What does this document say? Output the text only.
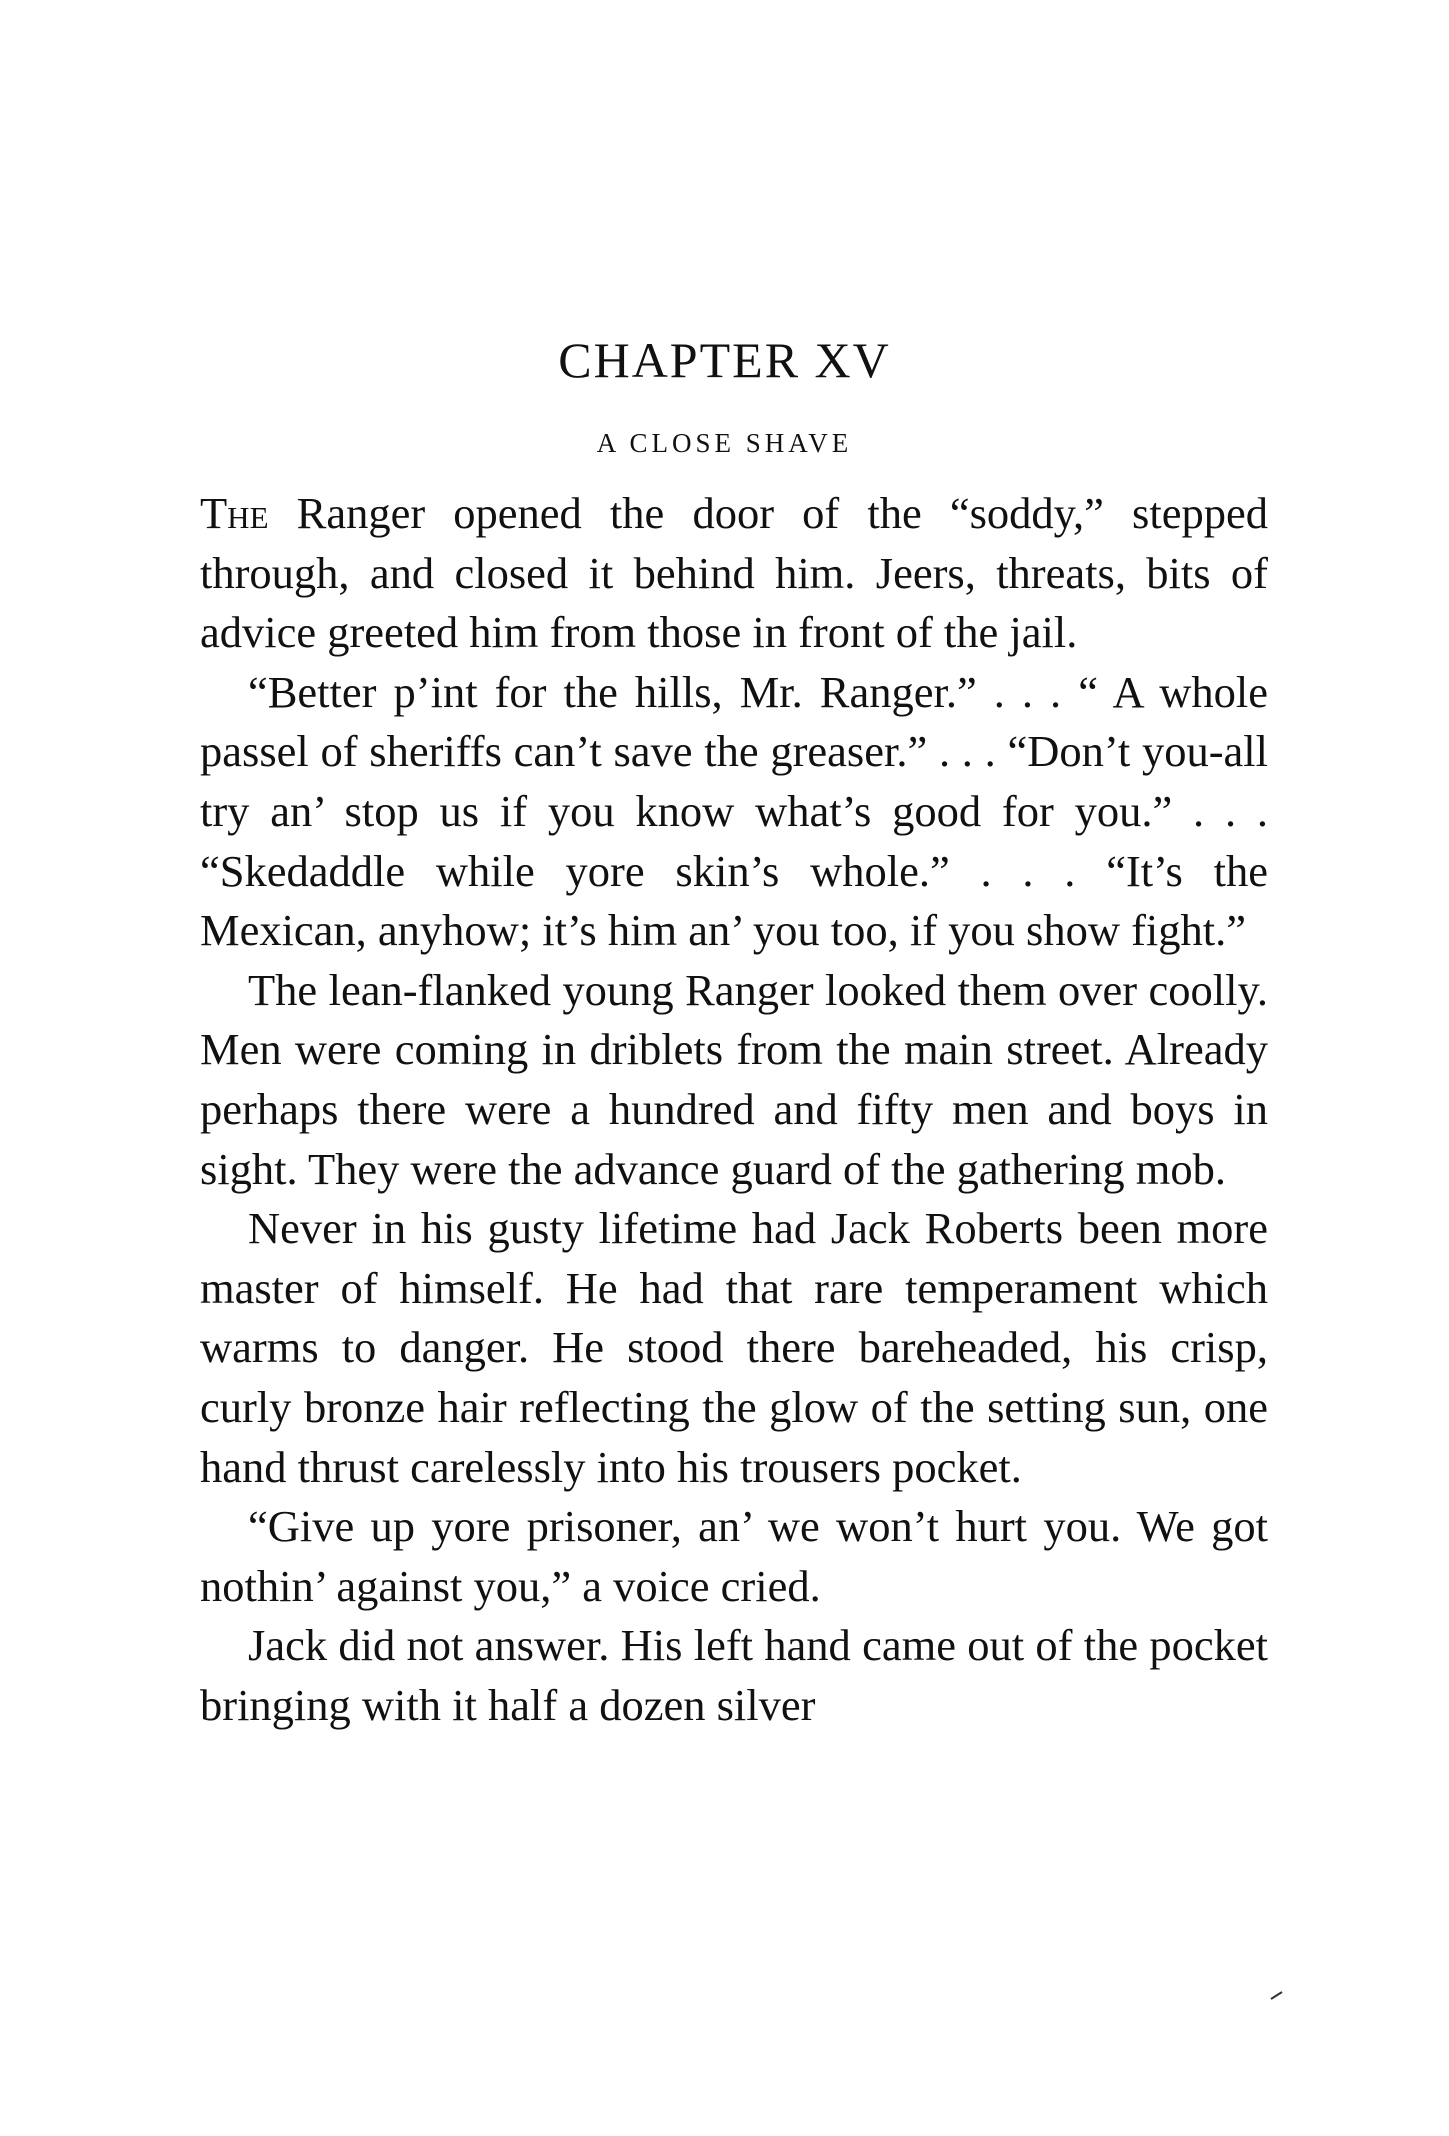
CHAPTER XV
A CLOSE SHAVE

The Ranger opened the door of the “soddy,” stepped through, and closed it behind him. Jeers, threats, bits of advice greeted him from those in front of the jail.

“Better p’int for the hills, Mr. Ranger.” . . . “ A whole passel of sheriffs can’t save the greaser.” . . . “Don’t you-all try an’ stop us if you know what’s good for you.” . . . “Skedaddle while yore skin’s whole.” . . . “It’s the Mexican, anyhow; it’s him an’ you too, if you show fight.”

The lean-flanked young Ranger looked them over coolly. Men were coming in driblets from the main street. Already perhaps there were a hundred and fifty men and boys in sight. They were the advance guard of the gathering mob.

Never in his gusty lifetime had Jack Roberts been more master of himself. He had that rare temperament which warms to danger. He stood there bareheaded, his crisp, curly bronze hair reflecting the glow of the setting sun, one hand thrust carelessly into his trousers pocket.

“Give up yore prisoner, an’ we won’t hurt you. We got nothin’ against you,” a voice cried.

Jack did not answer. His left hand came out of the pocket bringing with it half a dozen silver
